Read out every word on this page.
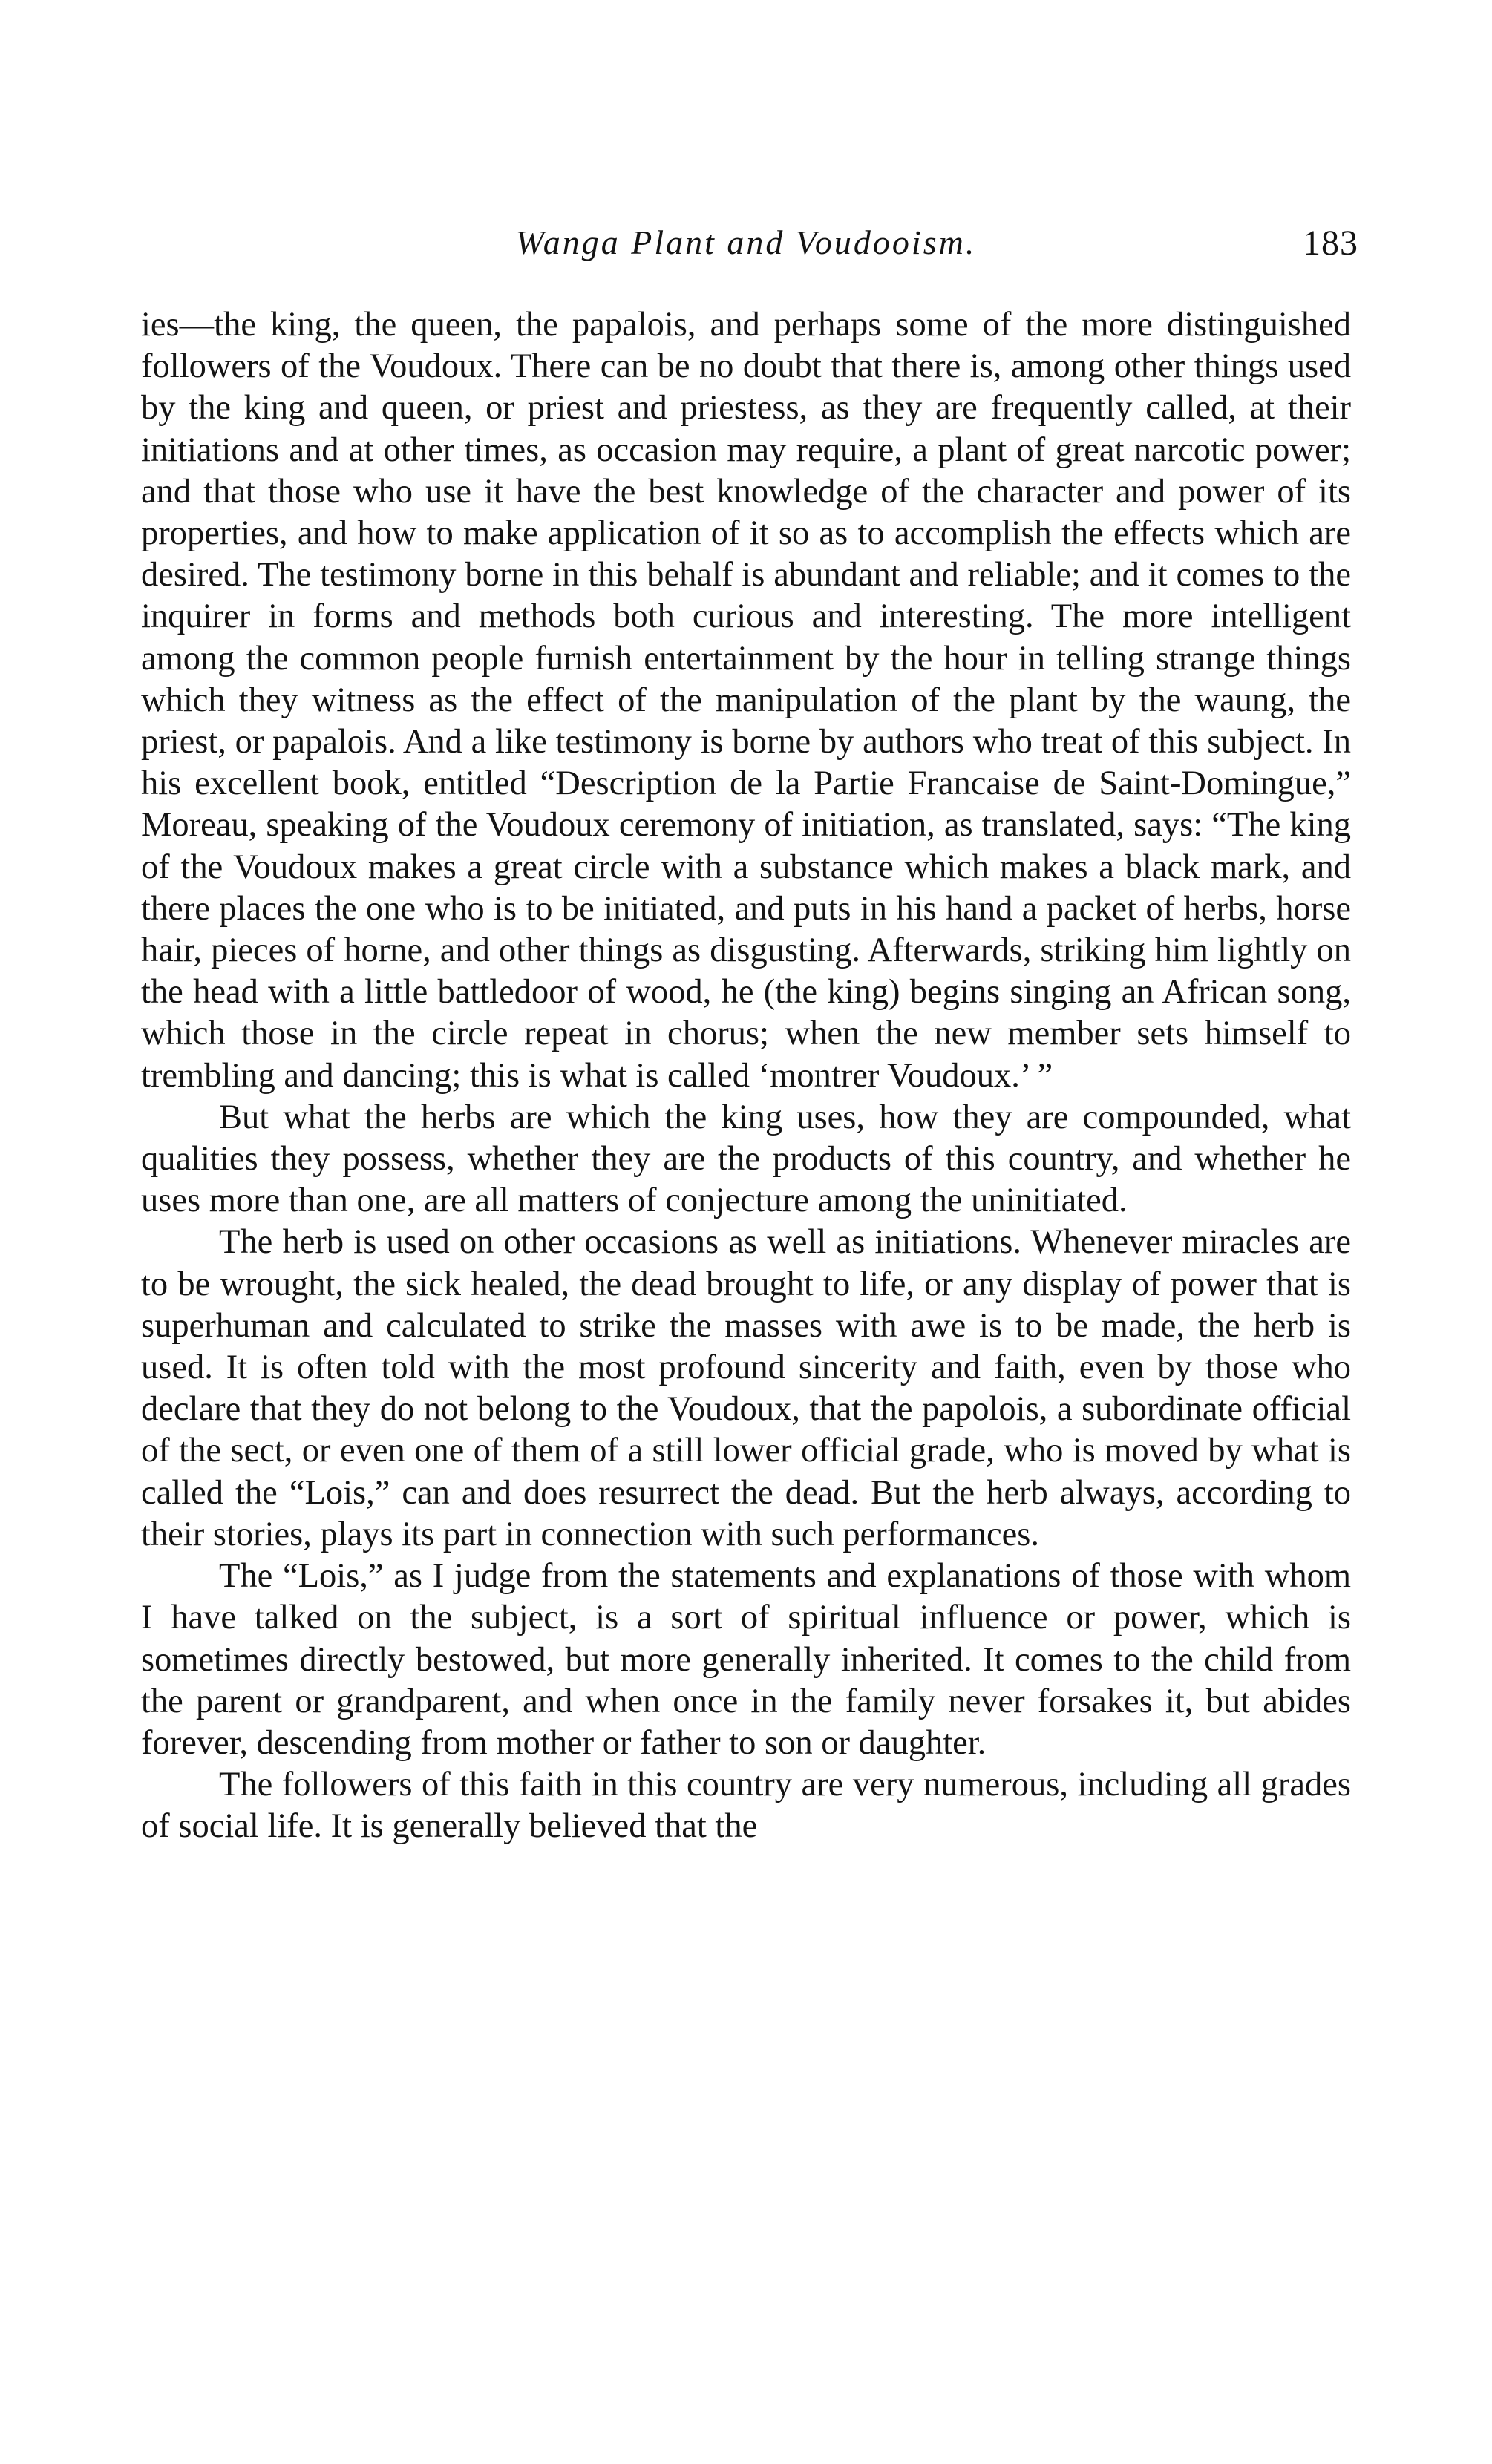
Wanga Plant and Voudooism.	183

ies—the king, the queen, the papalois, and perhaps some of the more distinguished followers of the Voudoux. There can be no doubt that there is, among other things used by the king and queen, or priest and priestess, as they are frequently called, at their initiations and at other times, as occasion may require, a plant of great narcotic power; and that those who use it have the best knowledge of the character and power of its properties, and how to make application of it so as to accomplish the effects which are desired. The testimony borne in this behalf is abundant and reliable; and it comes to the inquirer in forms and methods both curious and interesting. The more intelligent among the common people furnish entertainment by the hour in telling strange things which they witness as the effect of the manipulation of the plant by the waung, the priest, or papalois. And a like testimony is borne by authors who treat of this subject. In his excellent book, entitled “Description de la Partie Francaise de Saint-Domingue,” Moreau, speaking of the Voudoux ceremony of initiation, as translated, says: “The king of the Voudoux makes a great circle with a substance which makes a black mark, and there places the one who is to be initiated, and puts in his hand a packet of herbs, horse hair, pieces of horne, and other things as disgusting. Afterwards, striking him lightly on the head with a little battledoor of wood, he (the king) begins singing an African song, which those in the circle repeat in chorus; when the new member sets himself to trembling and dancing; this is what is called ‘montrer Voudoux.’ ”

But what the herbs are which the king uses, how they are compounded, what qualities they possess, whether they are the products of this country, and whether he uses more than one, are all matters of conjecture among the uninitiated.

The herb is used on other occasions as well as initiations. Whenever miracles are to be wrought, the sick healed, the dead brought to life, or any display of power that is superhuman and calculated to strike the masses with awe is to be made, the herb is used. It is often told with the most profound sincerity and faith, even by those who declare that they do not belong to the Voudoux, that the papolois, a subordinate official of the sect, or even one of them of a still lower official grade, who is moved by what is called the “Lois,” can and does resurrect the dead. But the herb always, according to their stories, plays its part in connection with such performances.

The “Lois,” as I judge from the statements and explanations of those with whom I have talked on the subject, is a sort of spiritual influence or power, which is sometimes directly bestowed, but more generally inherited. It comes to the child from the parent or grandparent, and when once in the family never forsakes it, but abides forever, descending from mother or father to son or daughter.

The followers of this faith in this country are very numerous, including all grades of social life. It is generally believed that the
